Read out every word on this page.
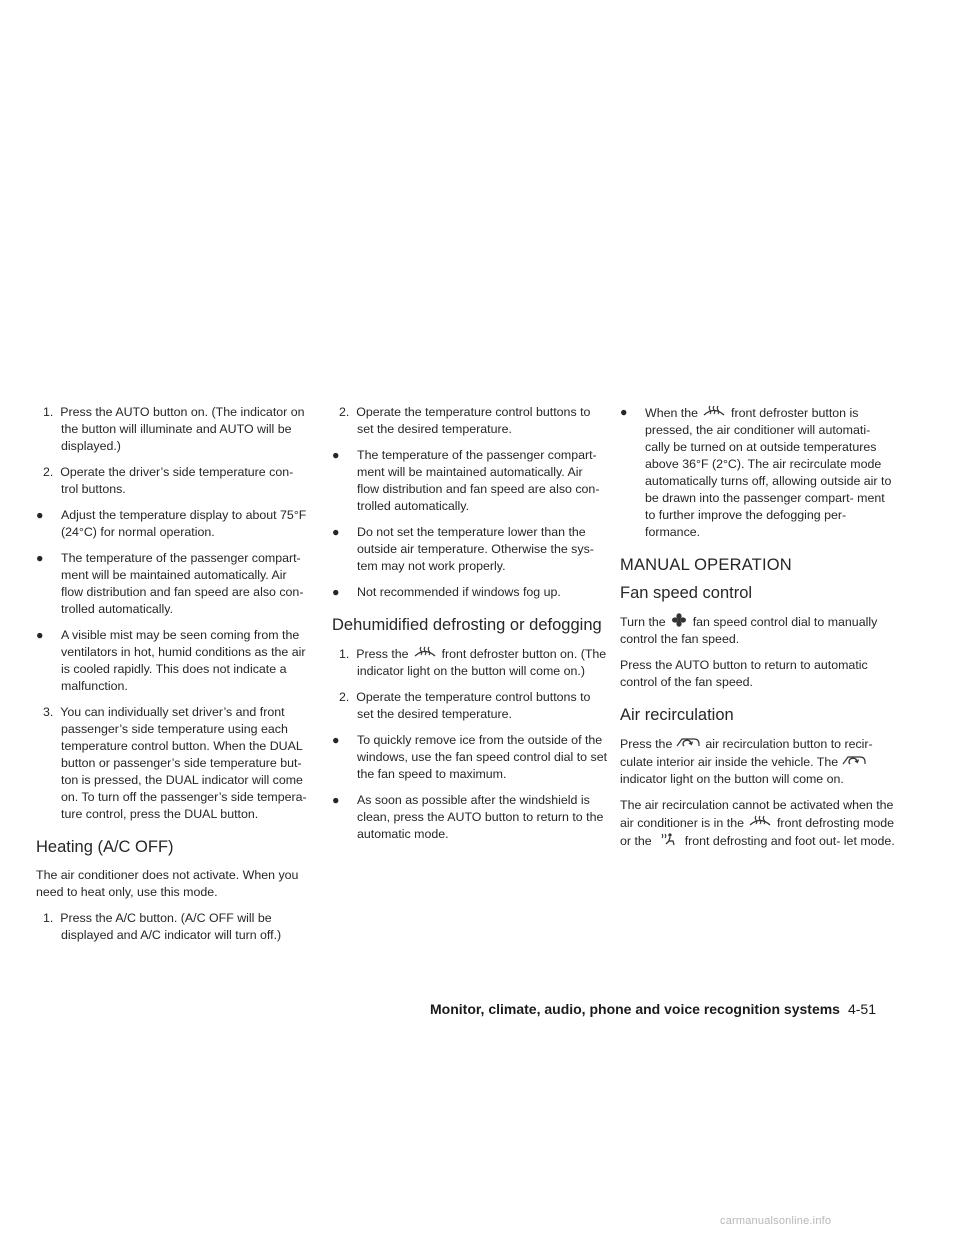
1. Press the AUTO button on. (The indicator on the button will illuminate and AUTO will be displayed.)

2. Operate the driver’s side temperature con- trol buttons.

● Adjust the temperature display to about 75°F (24°C) for normal operation.

● The temperature of the passenger compart- ment will be maintained automatically. Air flow distribution and fan speed are also con- trolled automatically.

● A visible mist may be seen coming from the ventilators in hot, humid conditions as the air is cooled rapidly. This does not indicate a malfunction.

3. You can individually set driver’s and front passenger’s side temperature using each temperature control button. When the DUAL button or passenger’s side temperature but- ton is pressed, the DUAL indicator will come on. To turn off the passenger’s side tempera- ture control, press the DUAL button.

Heating (A/C OFF)

The air conditioner does not activate. When you need to heat only, use this mode.

1. Press the A/C button. (A/C OFF will be displayed and A/C indicator will turn off.)

2. Operate the temperature control buttons to set the desired temperature.

● The temperature of the passenger compart- ment will be maintained automatically. Air flow distribution and fan speed are also con- trolled automatically.

● Do not set the temperature lower than the outside air temperature. Otherwise the sys- tem may not work properly.

● Not recommended if windows fog up.

Dehumidified defrosting or defogging

1. Press the	front defroster button on. (The indicator light on the button will come on.)

2. Operate the temperature control buttons to set the desired temperature.

● To quickly remove ice from the outside of the windows, use the fan speed control dial to set the fan speed to maximum.

● As soon as possible after the windshield is clean, press the AUTO button to return to the automatic mode.

● When the	front defroster button is pressed, the air conditioner will automati- cally be turned on at outside temperatures above 36°F (2°C). The air recirculate mode automatically turns off, allowing outside air to be drawn into the passenger compart- ment to further improve the defogging per- formance.

MANUAL OPERATION
Fan speed control

Turn the fan speed control dial to manually control the fan speed.

Press the AUTO button to return to automatic control of the fan speed.

Air recirculation

Press the	air recirculation button to recir- culate interior air inside the vehicle. The
indicator light on the button will come on.

The air recirculation cannot be activated when the air conditioner is in the	front defrosting mode or the	front defrosting and foot out- let mode.

Monitor, climate, audio, phone and voice recognition systems 4-51
carmanualsonline.info
